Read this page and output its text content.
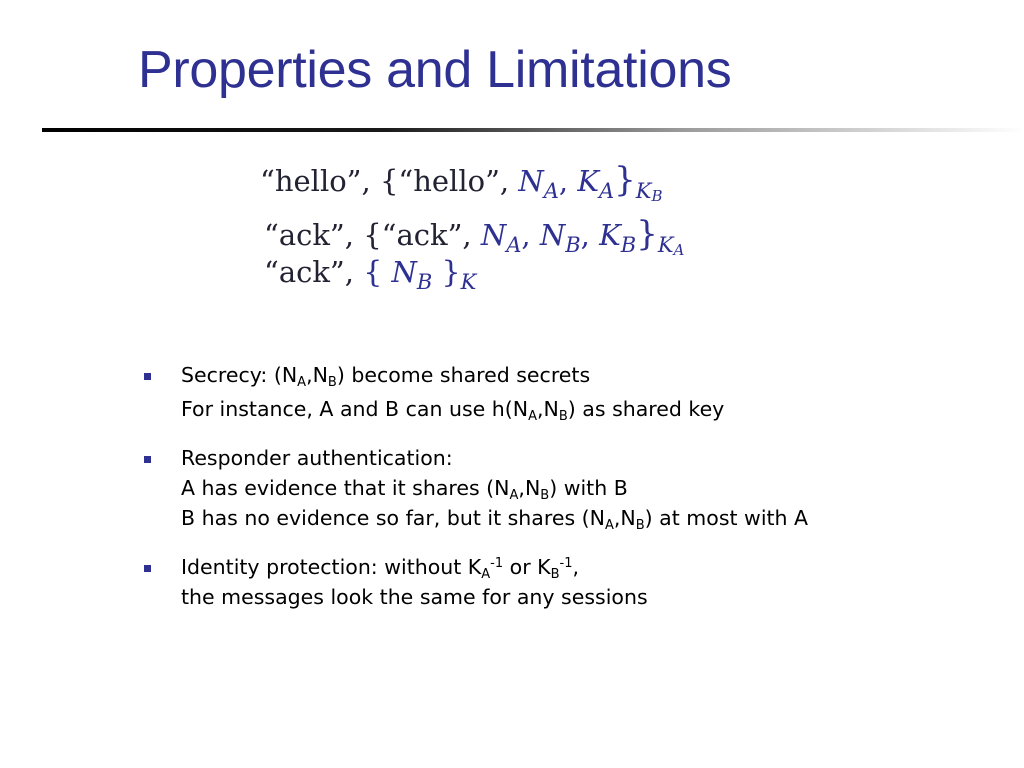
Properties and Limitations
“hello”, {“hello”, $N_A$, $K_A\}_{K_B}$
“ack”, {“ack”, $N_A$, $N_B$, $K_B\}_{K_A}$
“ack”, { $N_B$ }$_K$
Secrecy: $(N_A,N_B)$ become shared secrets
For instance, A and B can use $h(N_A,N_B)$ as shared key
Responder authentication:
A has evidence that it shares $(N_A,N_B)$ with B
B has no evidence so far, but it shares $(N_A,N_B)$ at most with A
Identity protection: without $K_A^{-1}$ or $K_B^{-1}$,
the messages look the same for any sessions
